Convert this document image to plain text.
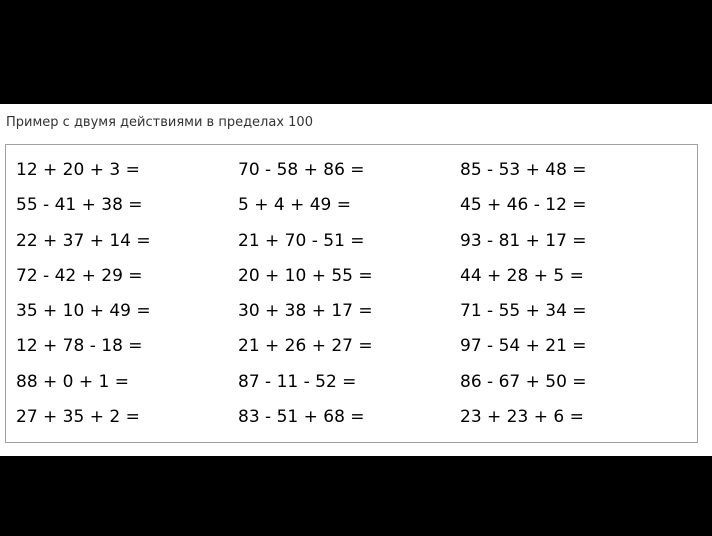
Пример с двумя действиями в пределах 100
12 + 20 + 3 =	70 - 58 + 86 =	85 - 53 + 48 =
55 - 41 + 38 =	5 + 4 + 49 =	45 + 46 - 12 =
22 + 37 + 14 =	21 + 70 - 51 =	93 - 81 + 17 =
72 - 42 + 29 =	20 + 10 + 55 =	44 + 28 + 5 =
35 + 10 + 49 =	30 + 38 + 17 =	71 - 55 + 34 =
12 + 78 - 18 =	21 + 26 + 27 =	97 - 54 + 21 =
88 + 0 + 1 =	87 - 11 - 52 =	86 - 67 + 50 =
27 + 35 + 2 =	83 - 51 + 68 =	23 + 23 + 6 =
